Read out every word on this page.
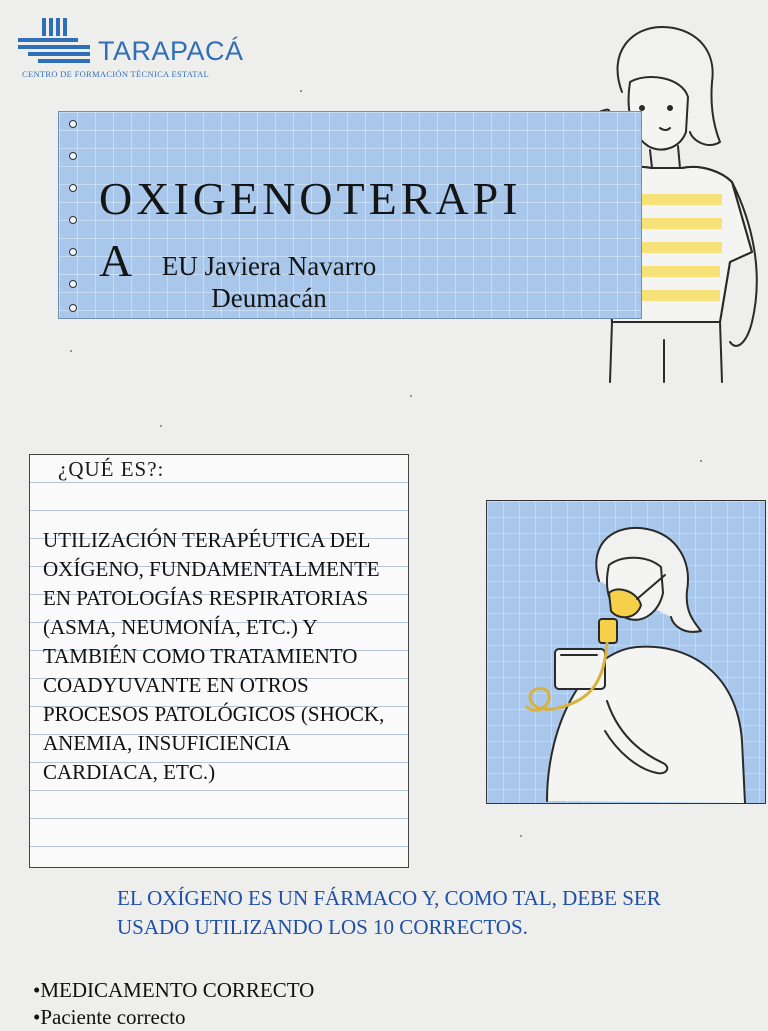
TARAPACÁ
CENTRO DE FORMACIÓN TÉCNICA ESTATAL
OXIGENOTERAPIA EU Javiera Navarro
Deumacán
¿QUÉ ES?:
UTILIZACIÓN TERAPÉUTICA DEL OXÍGENO, FUNDAMENTALMENTE EN PATOLOGÍAS RESPIRATORIAS (ASMA, NEUMONÍA, ETC.) Y TAMBIÉN COMO TRATAMIENTO COADYUVANTE EN OTROS PROCESOS PATOLÓGICOS (SHOCK, ANEMIA, INSUFICIENCIA CARDIACA, ETC.)
EL OXÍGENO ES UN FÁRMACO Y, COMO TAL, DEBE SER USADO UTILIZANDO LOS 10 CORRECTOS.
•MEDICAMENTO CORRECTO
•Paciente correcto
